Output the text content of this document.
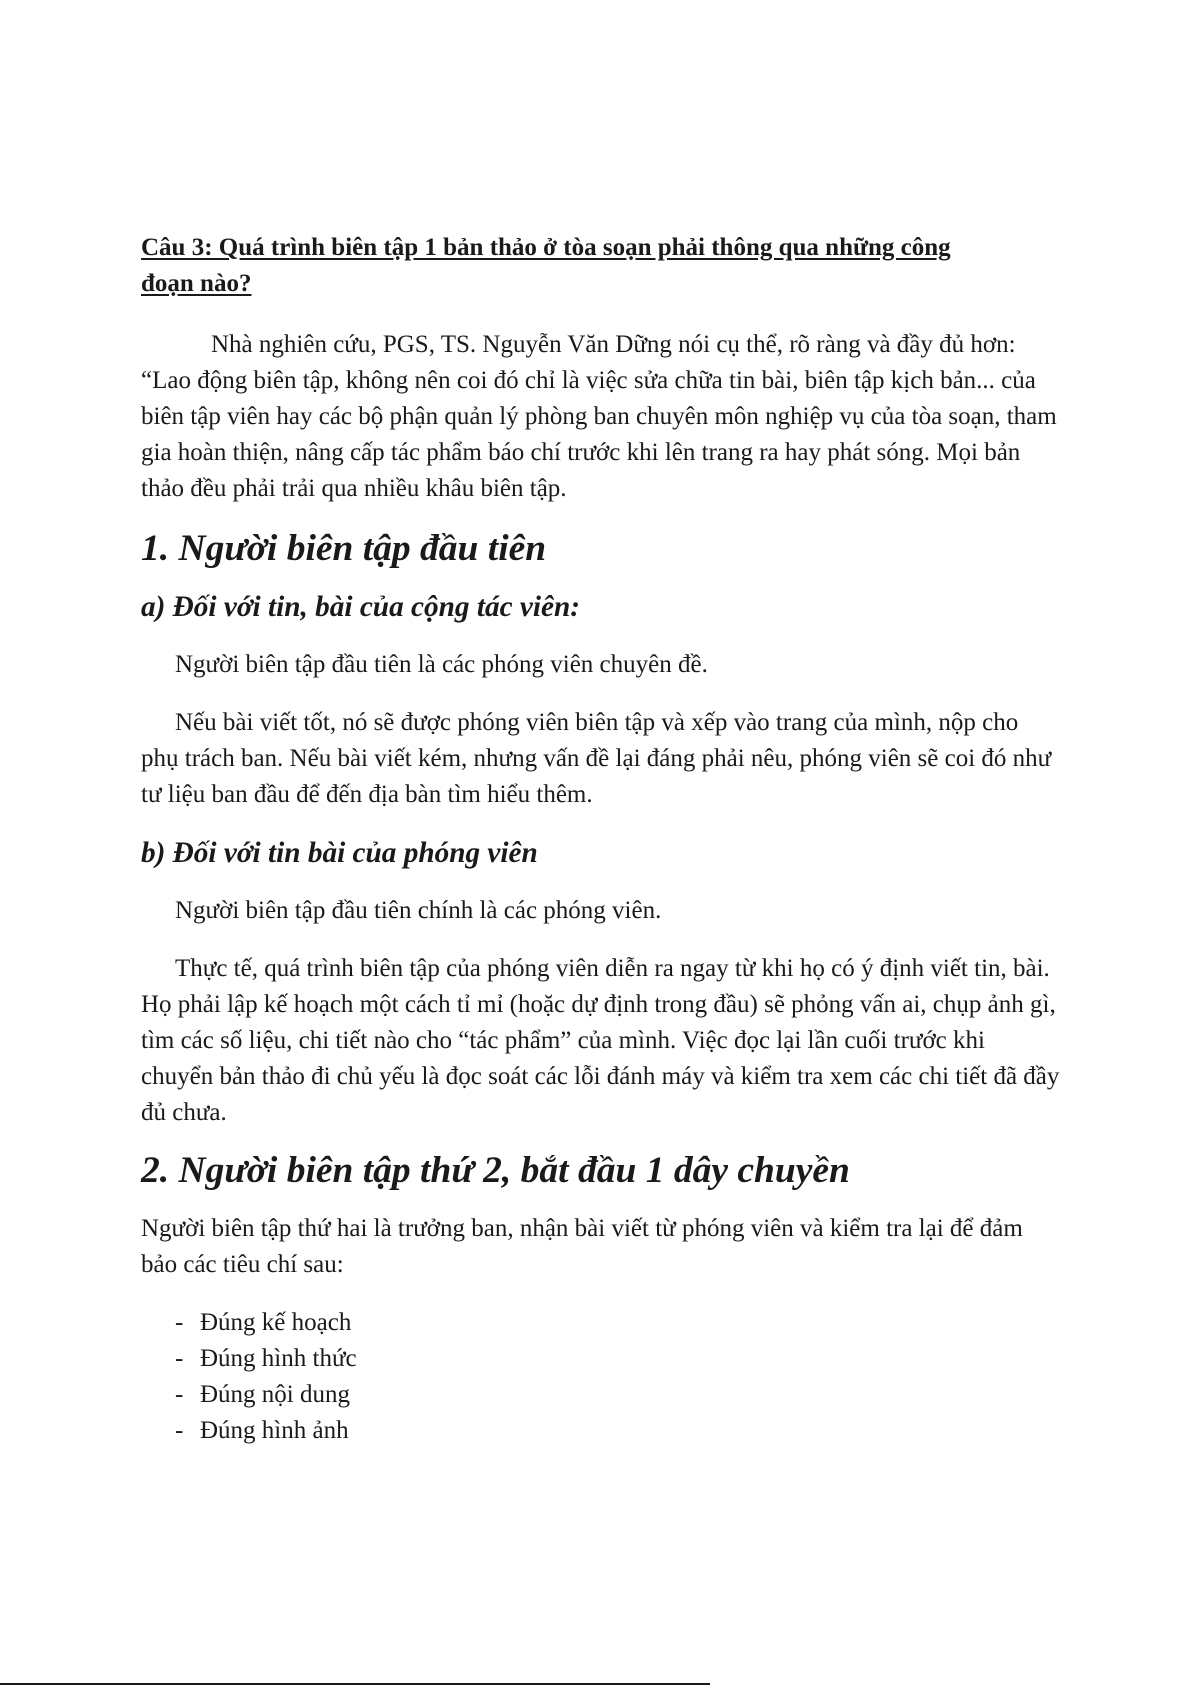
Câu 3: Quá trình biên tập 1 bản thảo ở tòa soạn phải thông qua những công
đoạn nào?

Nhà nghiên cứu, PGS, TS. Nguyễn Văn Dững nói cụ thể, rõ ràng và đầy đủ hơn: “Lao động biên tập, không nên coi đó chỉ là việc sửa chữa tin bài, biên tập kịch bản... của biên tập viên hay các bộ phận quản lý phòng ban chuyên môn nghiệp vụ của tòa soạn, tham gia hoàn thiện, nâng cấp tác phẩm báo chí trước khi lên trang ra hay phát sóng. Mọi bản thảo đều phải trải qua nhiều khâu biên tập.

1. Người biên tập đầu tiên
a) Đối với tin, bài của cộng tác viên:

Người biên tập đầu tiên là các phóng viên chuyên đề.

Nếu bài viết tốt, nó sẽ được phóng viên biên tập và xếp vào trang của mình, nộp cho phụ trách ban. Nếu bài viết kém, nhưng vấn đề lại đáng phải nêu, phóng viên sẽ coi đó như tư liệu ban đầu để đến địa bàn tìm hiểu thêm.

b) Đối với tin bài của phóng viên

Người biên tập đầu tiên chính là các phóng viên.

Thực tế, quá trình biên tập của phóng viên diễn ra ngay từ khi họ có ý định viết tin, bài. Họ phải lập kế hoạch một cách tỉ mỉ (hoặc dự định trong đầu) sẽ phỏng vấn ai, chụp ảnh gì, tìm các số liệu, chi tiết nào cho “tác phẩm” của mình. Việc đọc lại lần cuối trước khi chuyển bản thảo đi chủ yếu là đọc soát các lỗi đánh máy và kiểm tra xem các chi tiết đã đầy đủ chưa.

2. Người biên tập thứ 2, bắt đầu 1 dây chuyền

Người biên tập thứ hai là trưởng ban, nhận bài viết từ phóng viên và kiểm tra lại để đảm bảo các tiêu chí sau:

- Đúng kế hoạch
- Đúng hình thức
- Đúng nội dung
- Đúng hình ảnh
